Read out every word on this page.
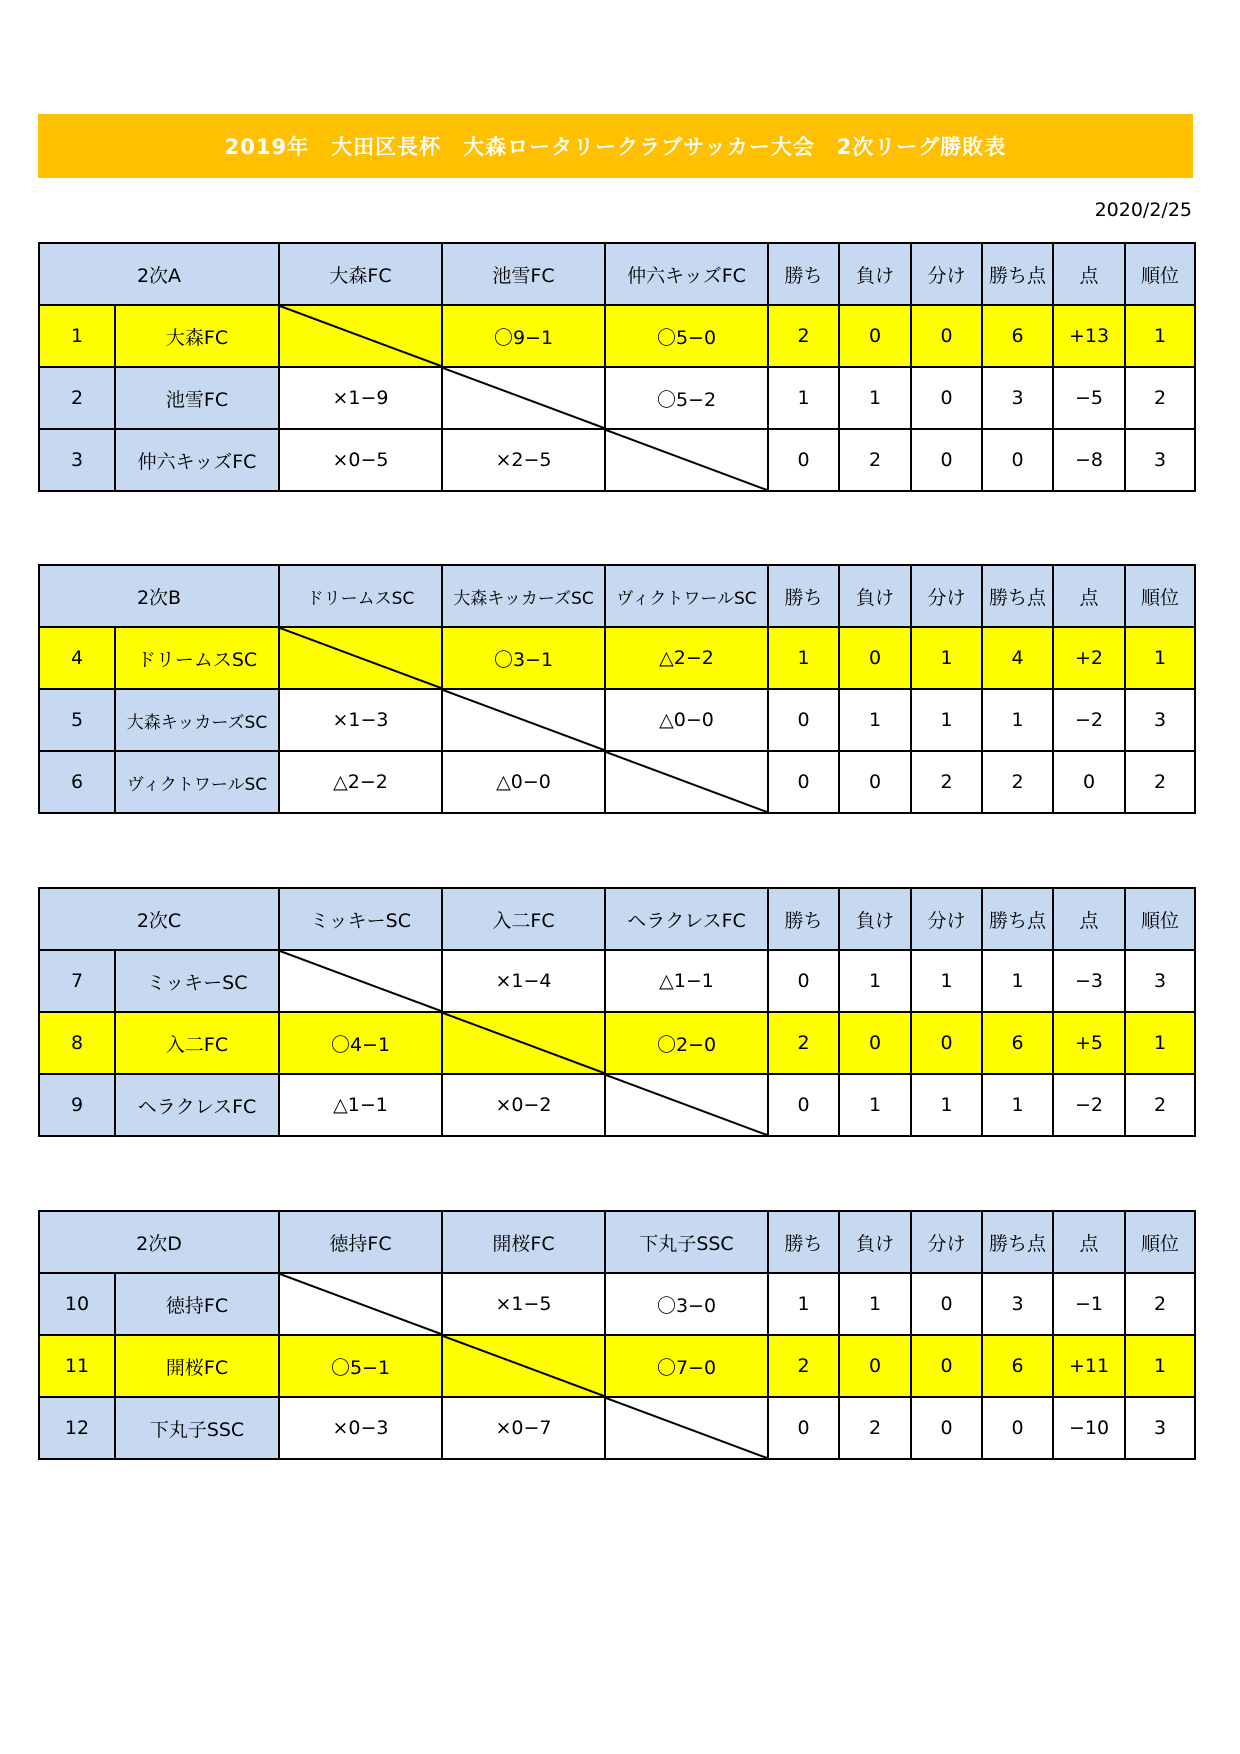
2019年　大田区長杯　大森ロータリークラブサッカー大会　2次リーグ勝敗表
2020/2/25
2次A		大森FC	池雪FC	仲六キッズFC	勝ち	負け	分け	勝ち点	点	順位
1	大森FC		〇9−1	〇5−0	2	0	0	6	+13	1
2	池雪FC	×1−9		〇5−2	1	1	0	3	−5	2
3	仲六キッズFC	×0−5	×2−5		0	2	0	0	−8	3
2次B		ドリームスSC	大森キッカーズSC	ヴィクトワールSC	勝ち	負け	分け	勝ち点	点	順位
4	ドリームスSC		〇3−1	△2−2	1	0	1	4	+2	1
5	大森キッカーズSC	×1−3		△0−0	0	1	1	1	−2	3
6	ヴィクトワールSC	△2−2	△0−0		0	0	2	2	0	2
2次C		ミッキーSC	入二FC	ヘラクレスFC	勝ち	負け	分け	勝ち点	点	順位
7	ミッキーSC		×1−4	△1−1	0	1	1	1	−3	3
8	入二FC	〇4−1		〇2−0	2	0	0	6	+5	1
9	ヘラクレスFC	△1−1	×0−2		0	1	1	1	−2	2
2次D		徳持FC	開桜FC	下丸子SSC	勝ち	負け	分け	勝ち点	点	順位
10	徳持FC		×1−5	〇3−0	1	1	0	3	−1	2
11	開桜FC	〇5−1		〇7−0	2	0	0	6	+11	1
12	下丸子SSC	×0−3	×0−7		0	2	0	0	−10	3
